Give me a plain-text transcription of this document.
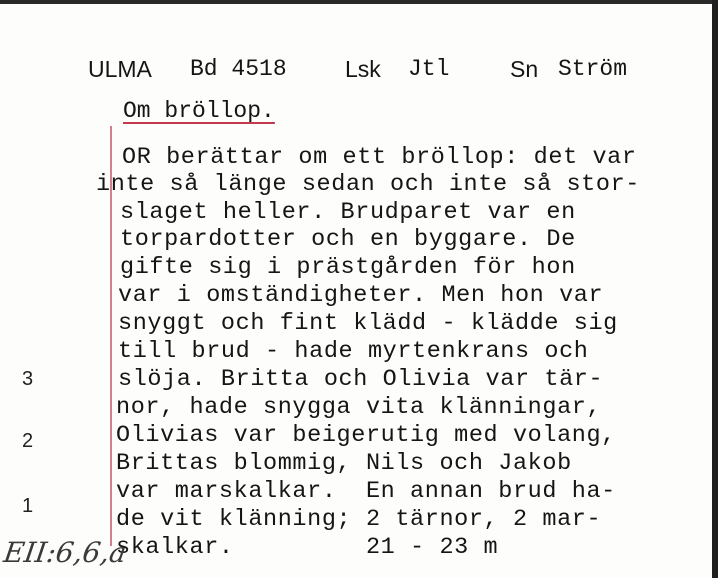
ULMA Bd 4518	Lsk Jtl	Sn Ström
Om bröllop.
OR berättar om ett bröllop: det var
inte så länge sedan och inte så stor-
slaget heller. Brudparet var en
torpardotter och en byggare. De
gifte sig i prästgården för hon
var i omständigheter. Men hon var
snyggt och fint klädd - klädde sig
till brud - hade myrtenkrans och
slöja. Britta och Olivia var tär-
nor, hade snygga vita klänningar,
Olivias var beigerutig med volang,
Brittas blommig, Nils och Jakob
var marskalkar.  En annan brud ha-
de vit klänning; 2 tärnor, 2 mar-
skalkar.         21 - 23 m
3
2
1
EII:6,6,a
